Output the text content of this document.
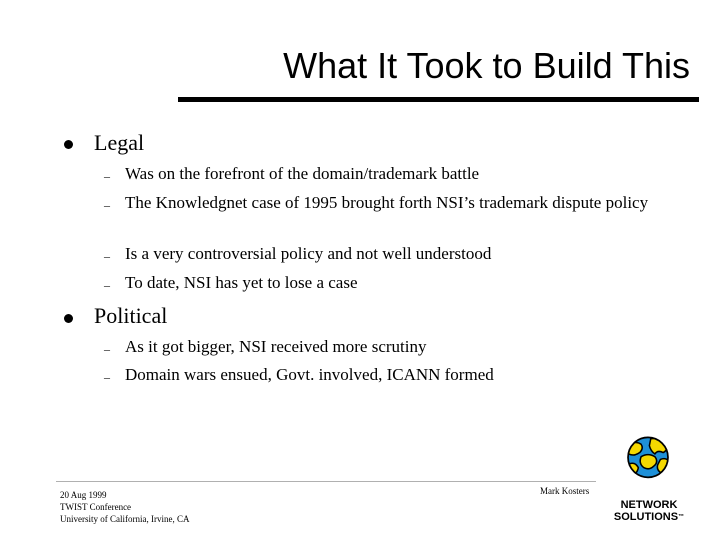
What It Took to Build This
Legal
– Was on the forefront of the domain/trademark battle
– The Knowledgnet case of 1995 brought forth NSI’s trademark dispute policy
– Is a very controversial policy and not well understood
– To date, NSI has yet to lose a case
Political
– As it got bigger, NSI received more scrutiny
– Domain wars ensued, Govt. involved, ICANN formed
20 Aug 1999
TWIST Conference
University of California, Irvine, CA
Mark Kosters
NETWORK
SOLUTIONS™
